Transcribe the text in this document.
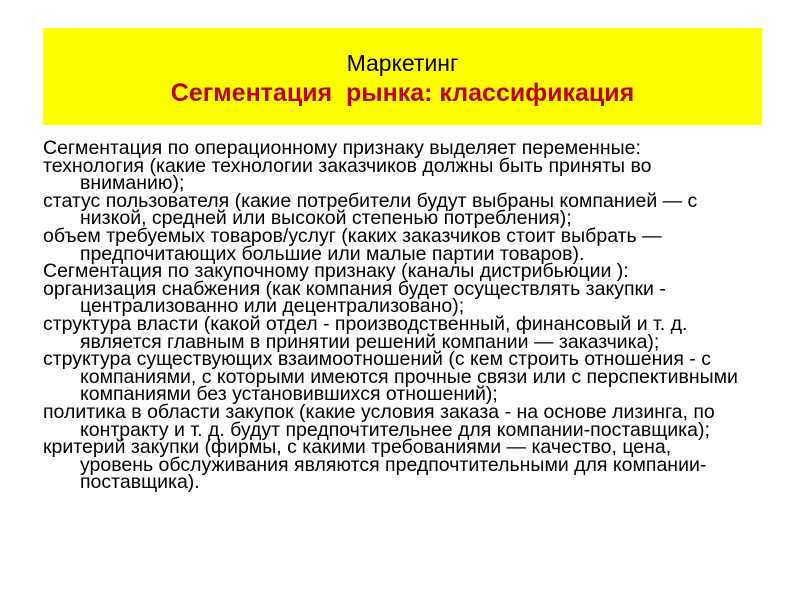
Маркетинг
Сегментация  рынка: классификация
Сегментация по операционному признаку выделяет переменные:
технология (какие технологии заказчиков должны быть приняты во
вниманию);
статус пользователя (какие потребители будут выбраны компанией — с
низкой, средней или высокой степенью потребления);
объем требуемых товаров/услуг (каких заказчиков стоит выбрать —
предпочитающих большие или малые партии товаров).
Сегментация по закупочному признаку (каналы дистрибьюции ):
организация снабжения (как компания будет осуществлять закупки -
централизованно или децентрализовано);
структура власти (какой отдел - производственный, финансовый и т. д.
является главным в принятии решений компании — заказчика);
структура существующих взаимоотношений (с кем строить отношения - с
компаниями, с которыми имеются прочные связи или с перспективными
компаниями без установившихся отношений);
политика в области закупок (какие условия заказа - на основе лизинга, по
контракту и т. д. будут предпочтительнее для компании-поставщика);
критерий закупки (фирмы, с какими требованиями — качество, цена,
уровень обслуживания являются предпочтительными для компании-
поставщика).
